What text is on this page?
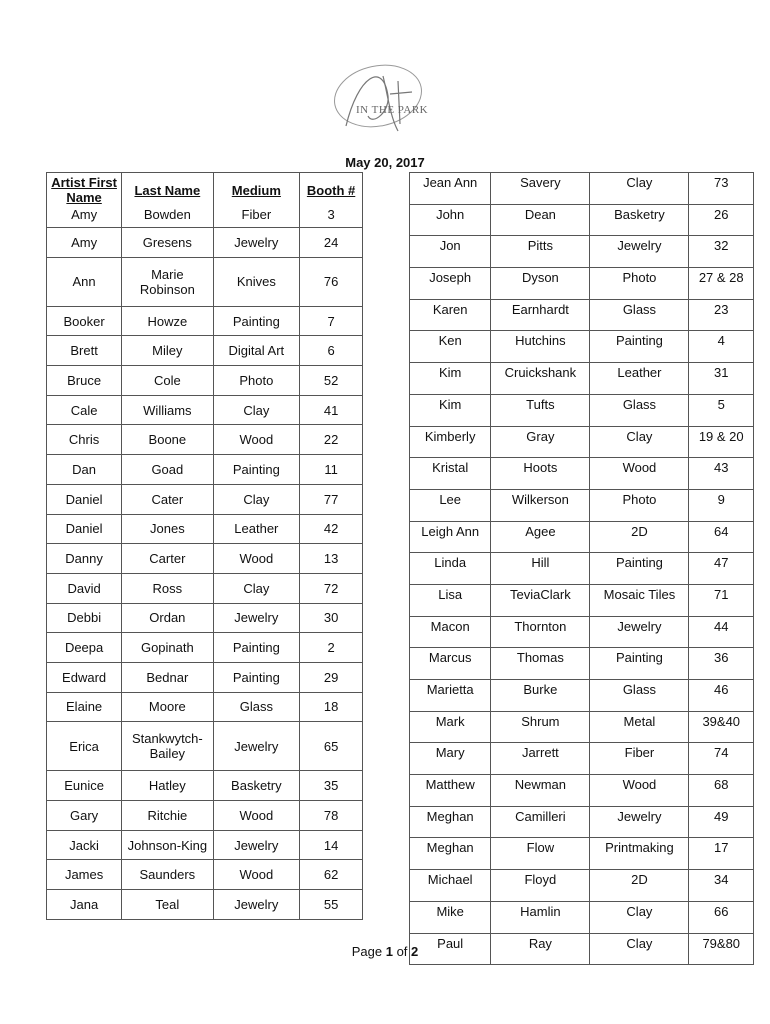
IN THE PARK
May 20, 2017
Artist First Name	Last Name	Medium	Booth #
Amy	Bowden	Fiber	3
Amy	Gresens	Jewelry	24
Ann	Marie Robinson	Knives	76
Booker	Howze	Painting	7
Brett	Miley	Digital Art	6
Bruce	Cole	Photo	52
Cale	Williams	Clay	41
Chris	Boone	Wood	22
Dan	Goad	Painting	11
Daniel	Cater	Clay	77
Daniel	Jones	Leather	42
Danny	Carter	Wood	13
David	Ross	Clay	72
Debbi	Ordan	Jewelry	30
Deepa	Gopinath	Painting	2
Edward	Bednar	Painting	29
Elaine	Moore	Glass	18
Erica	Stankwytch-Bailey	Jewelry	65
Eunice	Hatley	Basketry	35
Gary	Ritchie	Wood	78
Jacki	Johnson-King	Jewelry	14
James	Saunders	Wood	62
Jana	Teal	Jewelry	55
Jean Ann	Savery	Clay	73
John	Dean	Basketry	26
Jon	Pitts	Jewelry	32
Joseph	Dyson	Photo	27 & 28
Karen	Earnhardt	Glass	23
Ken	Hutchins	Painting	4
Kim	Cruickshank	Leather	31
Kim	Tufts	Glass	5
Kimberly	Gray	Clay	19 & 20
Kristal	Hoots	Wood	43
Lee	Wilkerson	Photo	9
Leigh Ann	Agee	2D	64
Linda	Hill	Painting	47
Lisa	TeviaClark	Mosaic Tiles	71
Macon	Thornton	Jewelry	44
Marcus	Thomas	Painting	36
Marietta	Burke	Glass	46
Mark	Shrum	Metal	39&40
Mary	Jarrett	Fiber	74
Matthew	Newman	Wood	68
Meghan	Camilleri	Jewelry	49
Meghan	Flow	Printmaking	17
Michael	Floyd	2D	34
Mike	Hamlin	Clay	66
Paul	Ray	Clay	79&80
Page 1 of 2
